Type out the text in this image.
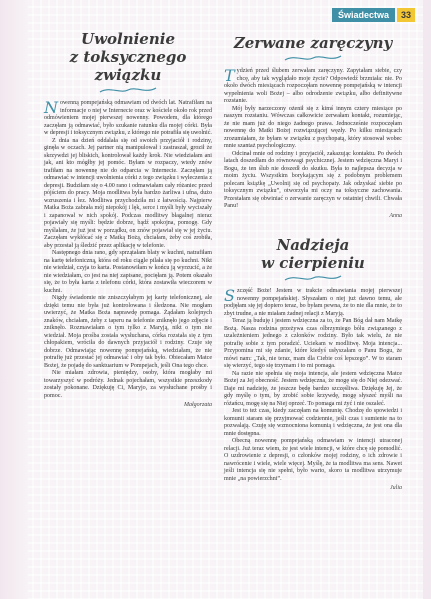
Świadectwa	33
Uwolnienie
z toksycznego
związku

Nowenną pompejańską odmawiam od dwóch lat. Natrafiłam na informacje o niej w Internecie oraz w kościele około rok przed odmówieniem mojej pierwszej nowenny. Powodem, dla którego zaczęłam ją odmawiać, było szukanie ratunku dla mojej córki. Była w depresji i toksycznym związku, z którego nie potrafiła się uwolnić.

Z dnia na dzień oddalała się od swoich przyjaciół i rodziny, ginęła w oczach. Jej partner nią manipulował i zastraszał, groził że skrzywdzi jej bliskich, kontrolował każdy krok. Nie wiedziałam ani jak, ani kto mógłby jej pomóc. Byłam w rozpaczy, wtedy znów trafiłam na nowennę nie do odparcia w Internecie. Zaczęłam ją odmawiać w intencji uwolnienia córki z tego związku i wyleczenia z depresji. Budziłam się o 4.00 rano i odmawiałam cały różaniec przed pójściem do pracy. Moja modlitwa była bardzo żarliwa i ufna, dużo wzruszenia i łez. Modlitwa przychodziła mi z łatwością. Najpierw Matka Boża zabrała mój niepokój i lęk, serce i myśli były wyciszały i zapanował w nich spokój. Podczas modlitwy błagalnej nieraz pojawiały się myśli: będzie dobrze, bądź spokojna, pomogę. Gdy myślałam, że już jest w porządku, on znów pojawiał się w jej życiu. Zaczęłam wykłócać się z Matką Bożą, chciałam, żeby coś zrobiła, aby przestał ją śledzić przez aplikację w telefonie.

Następnego dnia rano, gdy sprzątałam blaty w kuchni, natrafiłam na kartę telefoniczną, która od roku ciągle pilała się po kuchni. Nikt nie wiedział, czyja to karta. Postanowiłam w końcu ją wyrzucić, a że nie wiedziałam, co jest na niej zapisane, pocięłam ją. Potem okazało się, że to była karta z telefonu córki, która zostawiła wieczorem w kuchni.

Nigdy świadomie nie zniszczyłabym jej karty telefonicznej, ale dzięki temu nie była już kontrolowana i śledzona. Nie mogłam uwierzyć, że Matka Boża naprawdę pomaga. Żądałam kolejnych znaków, chciałam, żeby z taperu na telefonie zniknęło jego zdjęcie i zniknęło. Rozmawiałam o tym tylko z Maryją, nikt o tym nie wiedział. Moja prośba została wysłuchana, córka rozstała się z tym chłopakiem, wróciła do dawnych przyjaciół i rodziny. Czuje się dobrze. Odmawiając nowennę pompejańską, wiedziałam, że nie potrafię już przestać jej odmawiać i oby tak było. Obiecałam Matce Bożej, że pojadę do sanktuarium w Pompejach, jeśli Ona tego chce.

Nie miałam zdrowia, pieniędzy, osoby, która mogłaby mi towarzyszyć w podróży. Jednak pojechałam, wszystkie przeszkody zostały pokonane. Dziękuję Ci, Maryjo, za wysłuchane prośby i pomoc.

Małgorzata
Zerwane zaręczyny

Tydzień przed ślubem zerwałam zaręczyny. Zapytałam siebie, czy chcę, aby tak wyglądało moje życie? Odpowiedź brzmiała: nie. Po około dwóch miesiącach rozpoczęłam nowennę pompejańską w intencji wypełnienia woli Bożej – albo odrodzenie związku, albo definitywne rozstanie.

Mój były narzeczony ożenił się z kimś innym cztery miesiące po naszym rozstaniu. Wówczas całkowicie zerwałam kontakt, rozumiejąc, że nie mam już do niego żadnego prawa. Jednocześnie rozpoczęłam nowennę do Matki Bożej rozwiązującej węzły. Po kilku miesiącach zrozumiałam, że byłam w związku z psychopatą, który stosował wobec mnie szantaż psychologiczny.

Odcinał mnie od rodziny i przyjaciół, zakazując kontaktu. Po dwóch latach doszedłam do równowagi psychicznej. Jestem wdzięczna Maryi i Bogu, że ten ślub nie doszedł do skutku. Była to najlepsza decyzja w moim życiu. Wszystkim borykającym się z podobnym problemem polecam książkę „Uwolnij się od psychopaty. Jak odzyskać siebie po toksycznym związku”, otworzyła mi oczy na toksyczne zachowania. Przestałam się obwiniać o zerwanie zaręczyn w ostatniej chwili. Chwała Panu!

Anna
Nadzieja
w cierpieniu

Szczęść Boże! Jestem w trakcie odmawiania mojej pierwszej nowenny pompejańskiej. Słyszałam o niej już dawno temu, ale podjęłam się jej dopiero teraz, bo byłam pewna, że to nie dla mnie, że to zbyt trudne, a nie miałam żadnej relacji z Maryją.

Teraz ją buduję i jestem wdzięczna za to, że Pan Bóg dał nam Matkę Bożą. Nasza rodzina przeżywa czas olbrzymiego bólu związanego z uzależnieniem jednego z członków rodziny. Było tak wielu, że nie potrafię sobie z tym poradzić. Uciekam w modlitwę. Moja intencja... Przypomina mi się zdanie, które kiedyś usłyszałam o Panu Bogu, że mówi nam: „Tak, nie teraz, mam dla Ciebie coś lepszego”. W to staram się wierzyć, tego się trzymam i to mi pomaga.

Na razie nie spełnia się moja intencja, ale jestem wdzięczna Matce Bożej za Jej obecność. Jestem wdzięczna, że mogę się do Niej odezwać. Daje mi nadzieję, że jeszcze będę bardzo szczęśliwa. Dziękuję Jej, że gdy myślę o tym, by zrobić sobie krzywdę, mogę słyszeć myśli na różańcu, mogę się na Niej oprzeć. To pomaga mi żyć i nie oszaleć.

Jest to też czas, kiedy zaczęłam na komunię. Chodzę do spowiedzi i komunii staram się przyjmować codziennie, jeśli czas i sumienie na to pozwalają. Czuję się wzmocniona komunią i wdzięczna, że jest ona dla mnie dostępna.

Obecną nowennę pompejańską odmawiam w intencji utraconej relacji. Już teraz wiem, że jest wiele intencji, w które chcę się pomodlić. O uzdrowienie z depresji, o członków mojej rodziny, o ich zdrowie i nawrócenie i wiele, wiele więcej. Myślę, że ta modlitwa ma sens. Nawet jeśli intencja się nie spełni, było warto, skoro ta modlitwa utrzymuje mnie „na powierzchni”.

Julia
